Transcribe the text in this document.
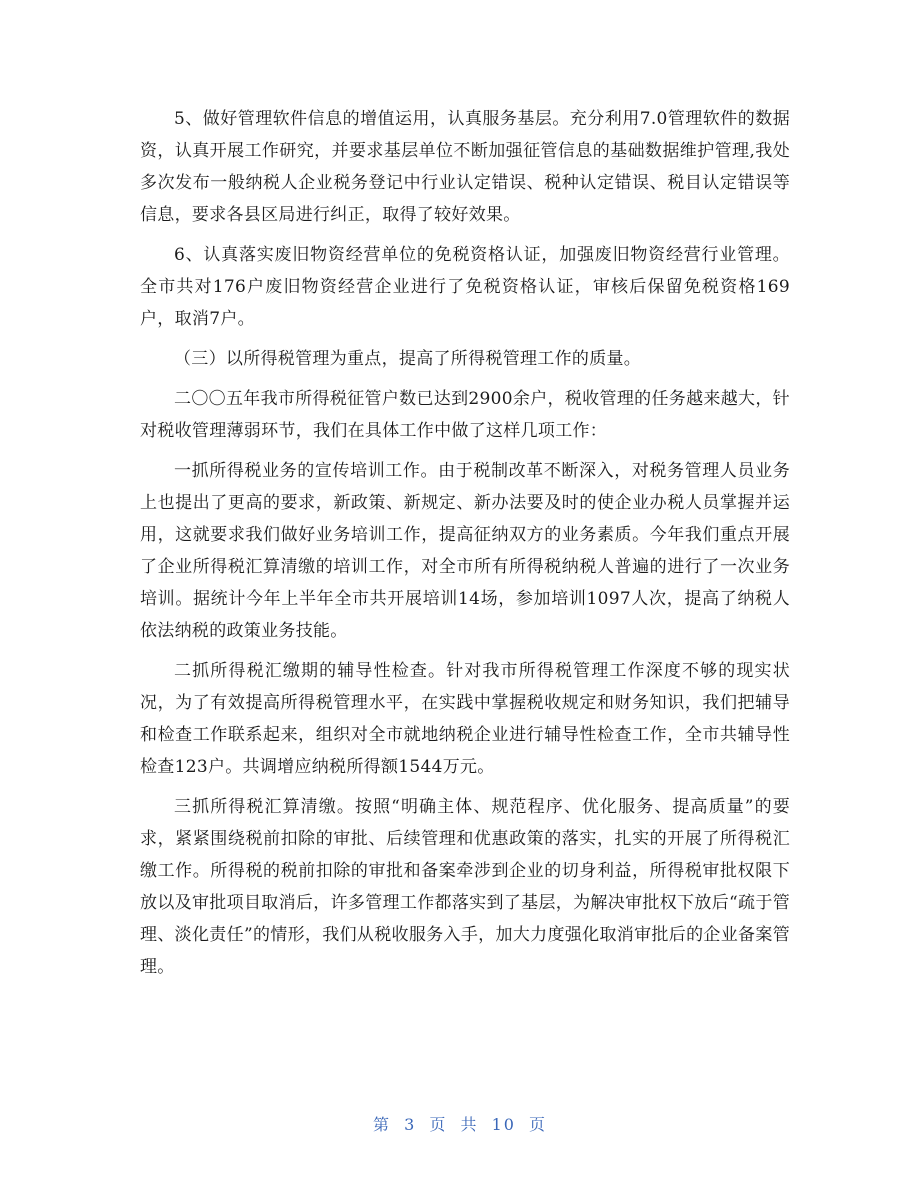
5、做好管理软件信息的增值运用，认真服务基层。充分利用7.0管理软件的数据资，认真开展工作研究，并要求基层单位不断加强征管信息的基础数据维护管理,我处多次发布一般纳税人企业税务登记中行业认定错误、税种认定错误、税目认定错误等信息，要求各县区局进行纠正，取得了较好效果。

6、认真落实废旧物资经营单位的免税资格认证，加强废旧物资经营行业管理。全市共对176户废旧物资经营企业进行了免税资格认证，审核后保留免税资格169户，取消7户。

（三）以所得税管理为重点，提高了所得税管理工作的质量。

二〇〇五年我市所得税征管户数已达到2900余户，税收管理的任务越来越大，针对税收管理薄弱环节，我们在具体工作中做了这样几项工作：

一抓所得税业务的宣传培训工作。由于税制改革不断深入，对税务管理人员业务上也提出了更高的要求，新政策、新规定、新办法要及时的使企业办税人员掌握并运用，这就要求我们做好业务培训工作，提高征纳双方的业务素质。今年我们重点开展了企业所得税汇算清缴的培训工作，对全市所有所得税纳税人普遍的进行了一次业务培训。据统计今年上半年全市共开展培训14场，参加培训1097人次，提高了纳税人依法纳税的政策业务技能。

二抓所得税汇缴期的辅导性检查。针对我市所得税管理工作深度不够的现实状况，为了有效提高所得税管理水平，在实践中掌握税收规定和财务知识，我们把辅导和检查工作联系起来，组织对全市就地纳税企业进行辅导性检查工作，全市共辅导性检查123户。共调增应纳税所得额1544万元。

三抓所得税汇算清缴。按照“明确主体、规范程序、优化服务、提高质量”的要求，紧紧围绕税前扣除的审批、后续管理和优惠政策的落实，扎实的开展了所得税汇缴工作。所得税的税前扣除的审批和备案牵涉到企业的切身利益，所得税审批权限下放以及审批项目取消后，许多管理工作都落实到了基层，为解决审批权下放后“疏于管理、淡化责任”的情形，我们从税收服务入手，加大力度强化取消审批后的企业备案管理。

第 3 页 共 10 页
